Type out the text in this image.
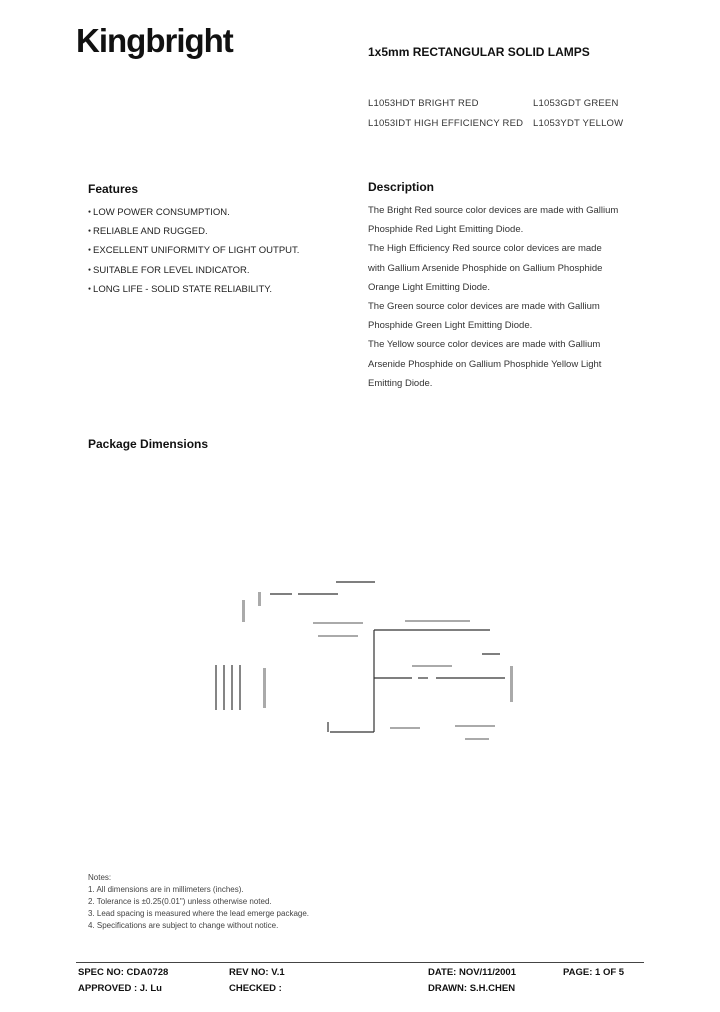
Kingbright	1x5mm RECTANGULAR SOLID LAMPS
L1053HDT BRIGHT RED	L1053GDT GREEN
L1053IDT HIGH EFFICIENCY RED L1053YDT YELLOW
Features
● LOW POWER CONSUMPTION.
● RELIABLE AND RUGGED.
● EXCELLENT UNIFORMITY OF LIGHT OUTPUT.
● SUITABLE FOR LEVEL INDICATOR.
● LONG LIFE - SOLID STATE RELIABILITY.
Description
The Bright Red source color devices are made with Gallium
Phosphide Red Light Emitting Diode.
The High Efficiency Red source color devices are made
with Gallium Arsenide Phosphide on Gallium Phosphide
Orange Light Emitting Diode.
The Green source color devices are made with Gallium
Phosphide Green Light Emitting Diode.
The Yellow source color devices are made with Gallium
Arsenide Phosphide on Gallium Phosphide Yellow Light
Emitting Diode.
Package Dimensions
Notes:
1. All dimensions are in millimeters (inches).
2. Tolerance is ±0.25(0.01") unless otherwise noted.
3. Lead spacing is measured where the lead emerge package.
4. Specifications are subject to change without notice.
SPEC NO: CDA0728	REV NO: V.1	DATE: NOV/11/2001	PAGE: 1 OF 5
APPROVED : J. Lu	CHECKED :	DRAWN: S.H.CHEN
